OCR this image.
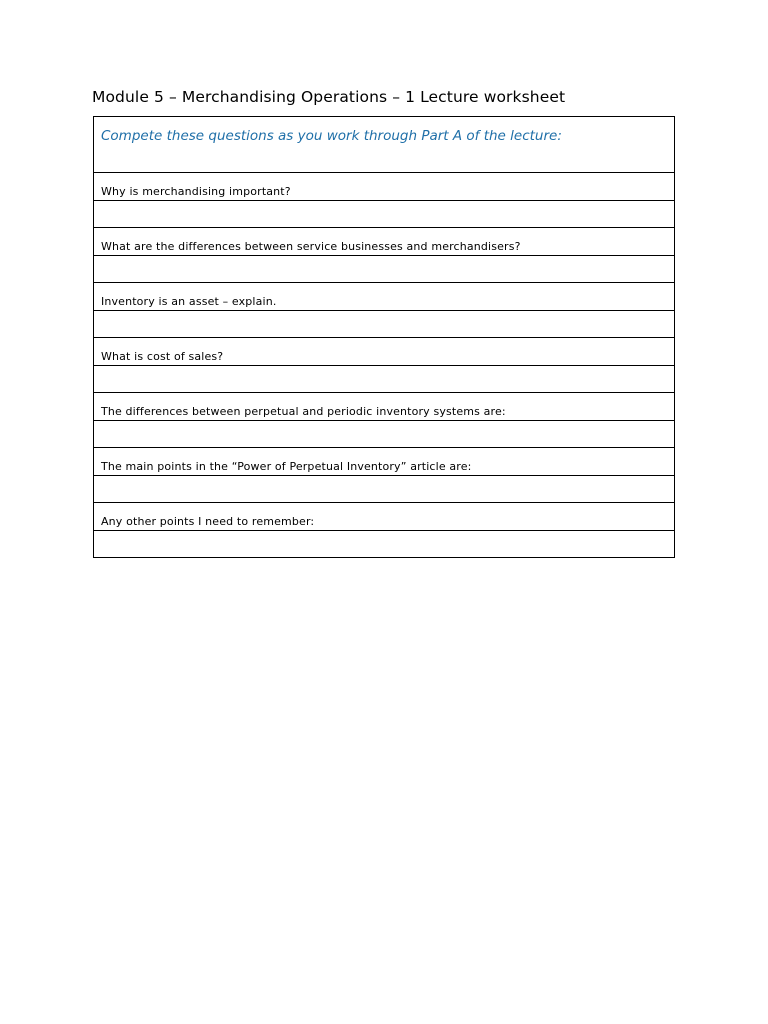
Module 5 – Merchandising Operations – 1 Lecture worksheet
Compete these questions as you work through Part A of the lecture:
Why is merchandising important?
What are the differences between service businesses and merchandisers?
Inventory is an asset – explain.
What is cost of sales?
The differences between perpetual and periodic inventory systems are:
The main points in the “Power of Perpetual Inventory” article are:
Any other points I need to remember:
